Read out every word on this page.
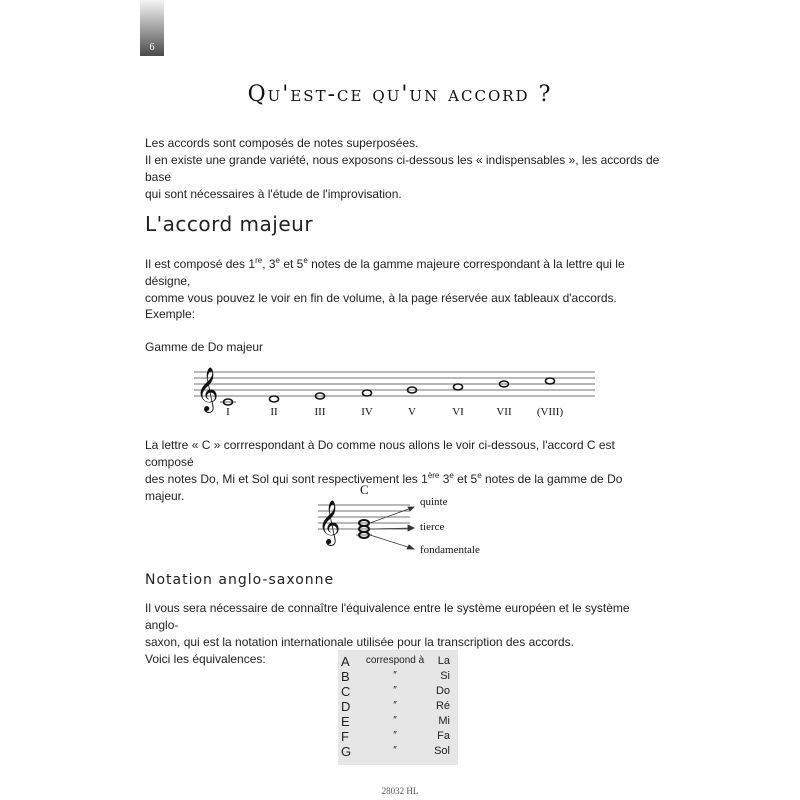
6
Qu'est-ce qu'un accord ?
Les accords sont composés de notes superposées.
Il en existe une grande variété, nous exposons ci-dessous les « indispensables », les accords de base
qui sont nécessaires à l'étude de l'improvisation.
L'accord majeur
Il est composé des 1re, 3e et 5e notes de la gamme majeure correspondant à la lettre qui le désigne,
comme vous pouvez le voir en fin de volume, à la page réservée aux tableaux d'accords.
Exemple:
Gamme de Do majeur
𝄞
I	II	III	IV	V	VI	VII (VIII)
La lettre « C » corrrespondant à Do comme nous allons le voir ci-dessous, l'accord C est composé
des notes Do, Mi et Sol qui sont respectivement les 1ère 3e et 5e notes de la gamme de Do majeur.	C
𝄞	quinte
tierce
fondamentale
Notation anglo-saxonne
Il vous sera nécessaire de connaître l'équivalence entre le système européen et le système anglo-
saxon, qui est la notation internationale utilisée pour la transcription des accords.
Voici les équivalences:	A	correspond à	La
B	″	Si
C	″	Do
D	″	Ré
E	″	Mi
F	″	Fa
G	″	Sol
28032 HL
